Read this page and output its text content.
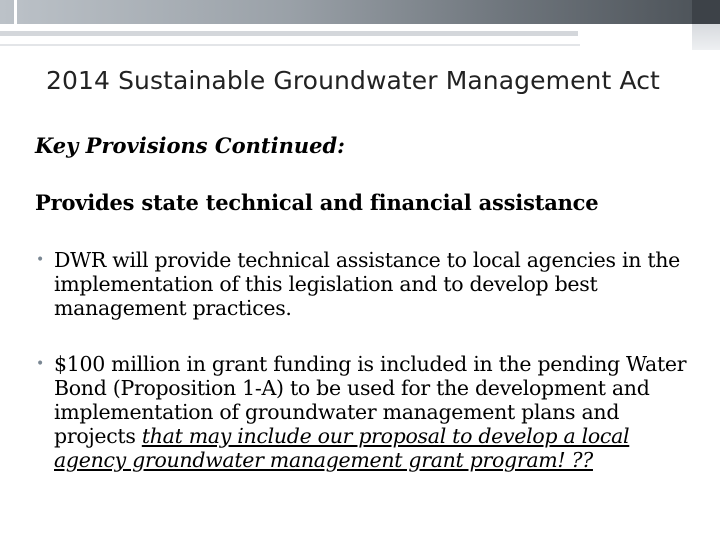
2014 Sustainable Groundwater Management Act
Key Provisions Continued:
Provides state technical and financial assistance
• DWR will provide technical assistance to local agencies in the implementation of this legislation and to develop best management practices.
• $100 million in grant funding is included in the pending Water Bond (Proposition 1-A) to be used for the development and implementation of groundwater management plans and projects that may include our proposal to develop a local agency groundwater management grant program! ??
